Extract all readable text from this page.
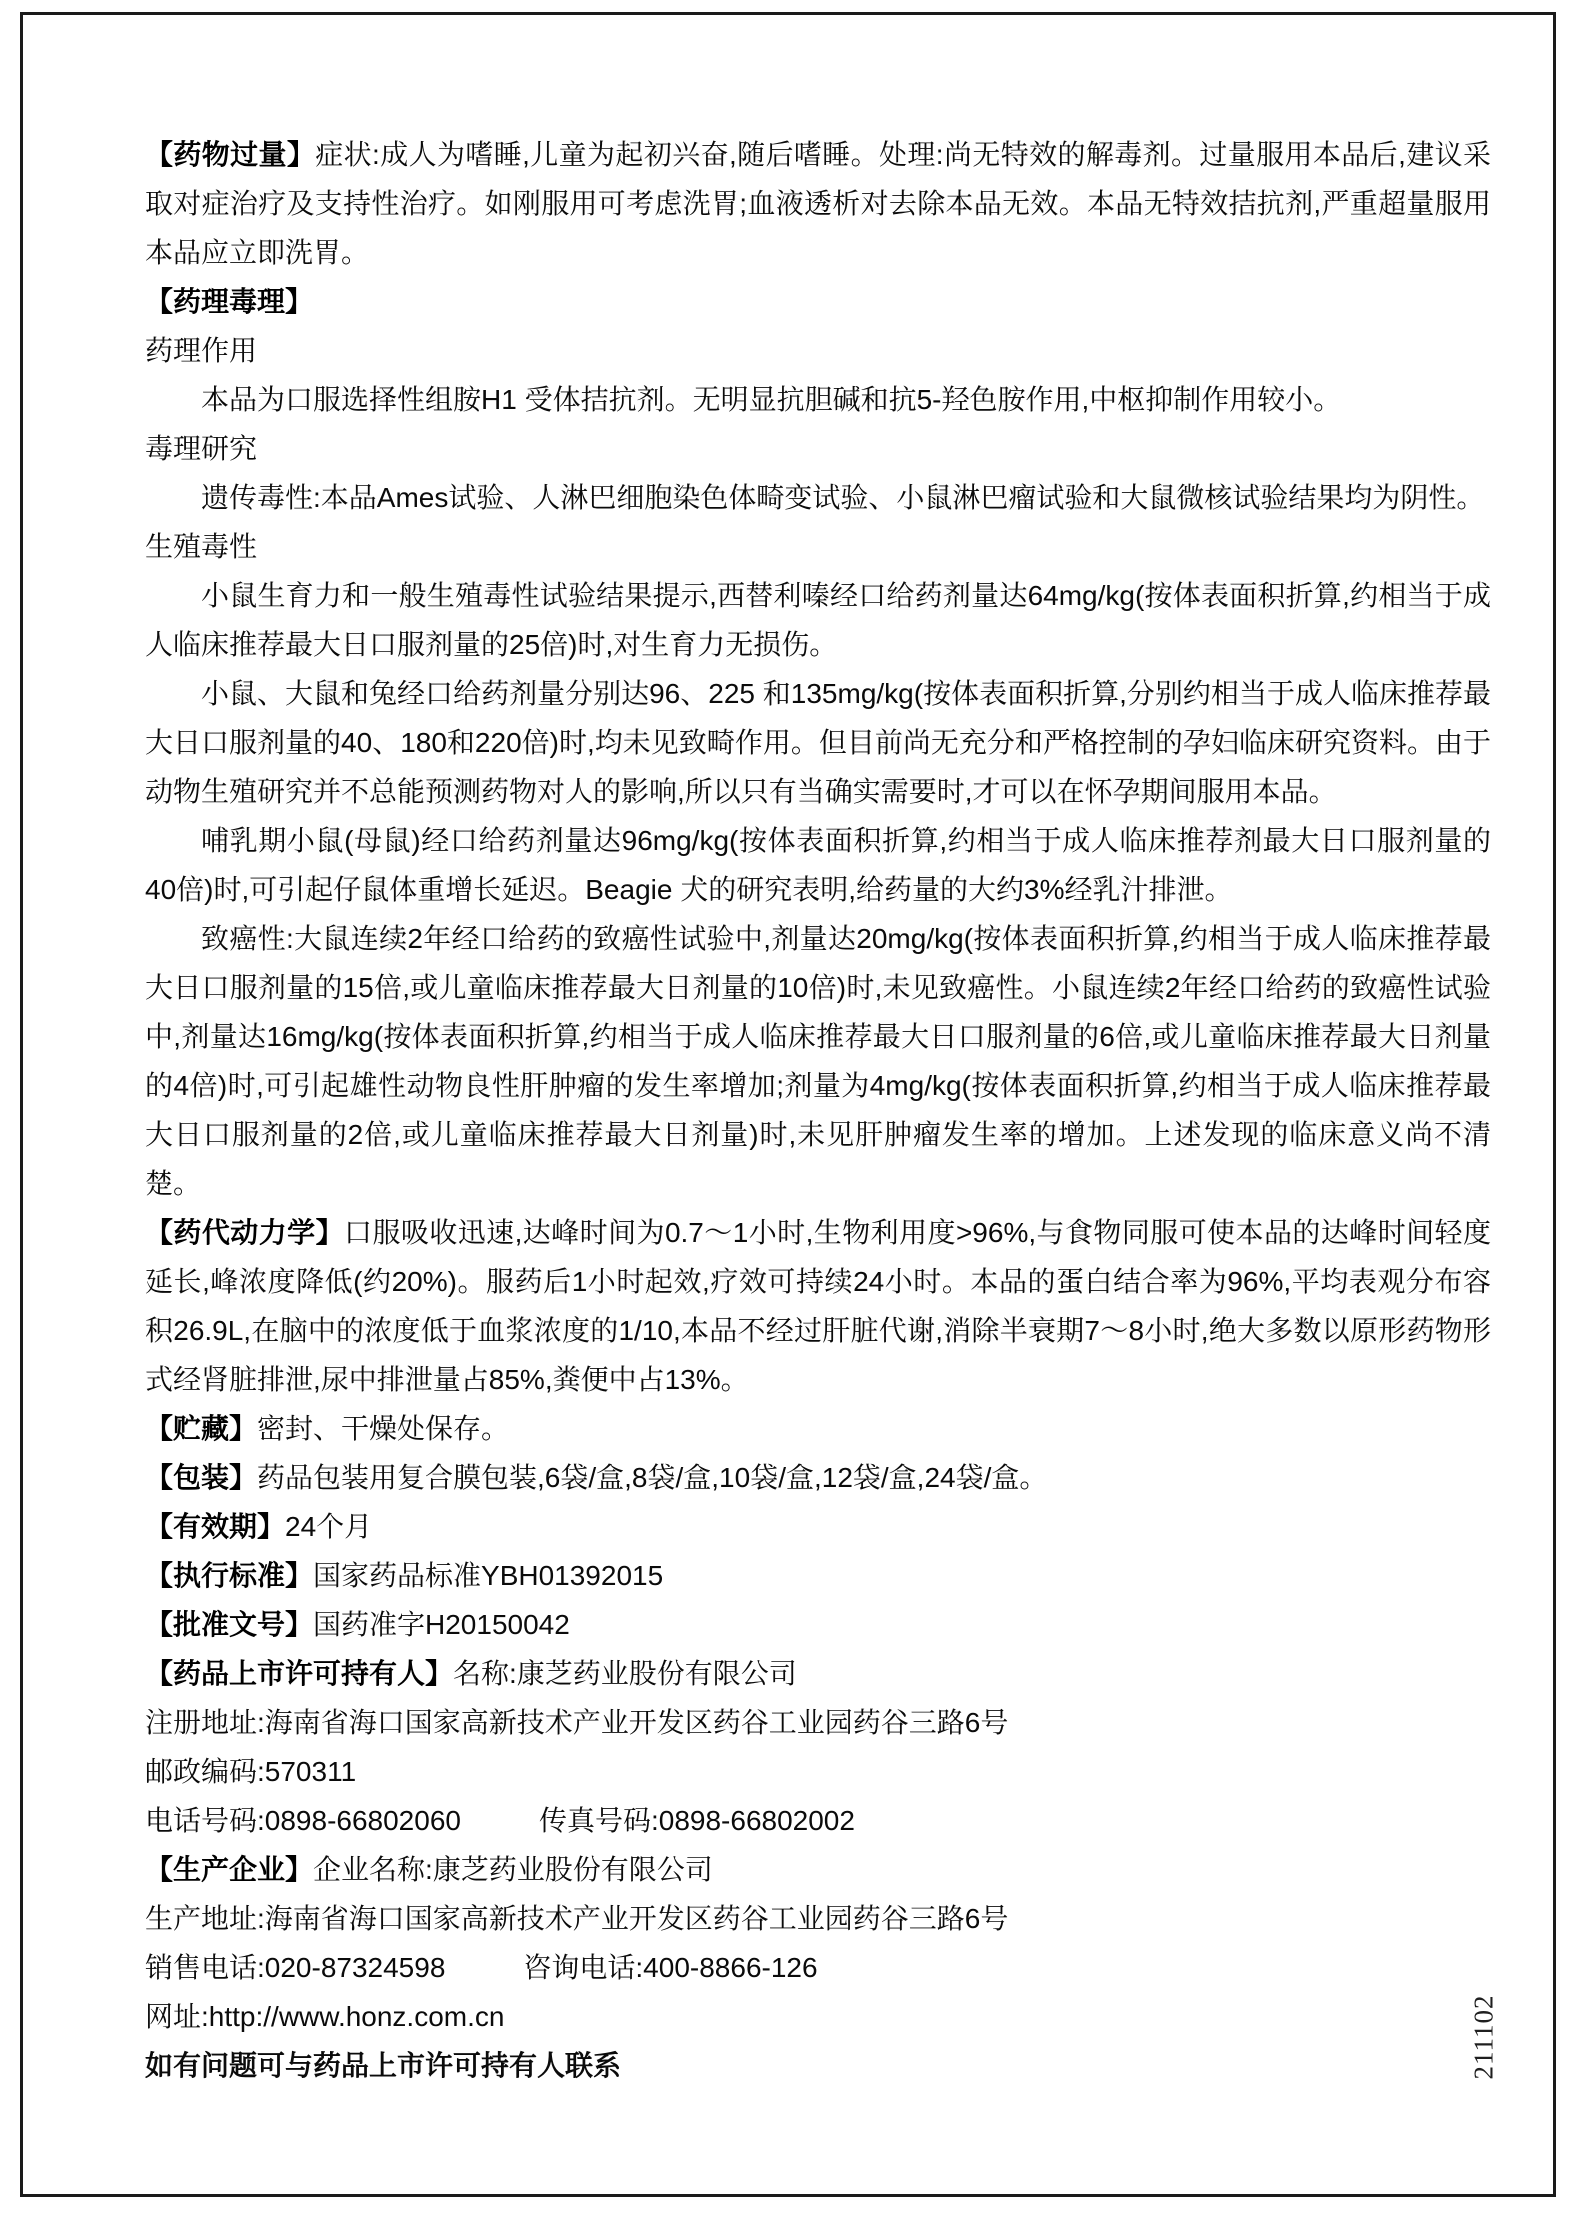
【药物过量】症状:成人为嗜睡,儿童为起初兴奋,随后嗜睡。处理:尚无特效的解毒剂。过量服用本品后,建议采取对症治疗及支持性治疗。如刚服用可考虑洗胃;血液透析对去除本品无效。本品无特效拮抗剂,严重超量服用本品应立即洗胃。

【药理毒理】

药理作用

本品为口服选择性组胺H1 受体拮抗剂。无明显抗胆碱和抗5-羟色胺作用,中枢抑制作用较小。

毒理研究

遗传毒性:本品Ames试验、人淋巴细胞染色体畸变试验、小鼠淋巴瘤试验和大鼠微核试验结果均为阴性。

生殖毒性

小鼠生育力和一般生殖毒性试验结果提示,西替利嗪经口给药剂量达64mg/kg(按体表面积折算,约相当于成人临床推荐最大日口服剂量的25倍)时,对生育力无损伤。

小鼠、大鼠和兔经口给药剂量分别达96、225 和135mg/kg(按体表面积折算,分别约相当于成人临床推荐最大日口服剂量的40、180和220倍)时,均未见致畸作用。但目前尚无充分和严格控制的孕妇临床研究资料。由于动物生殖研究并不总能预测药物对人的影响,所以只有当确实需要时,才可以在怀孕期间服用本品。

哺乳期小鼠(母鼠)经口给药剂量达96mg/kg(按体表面积折算,约相当于成人临床推荐剂最大日口服剂量的40倍)时,可引起仔鼠体重增长延迟。Beagie 犬的研究表明,给药量的大约3%经乳汁排泄。

致癌性:大鼠连续2年经口给药的致癌性试验中,剂量达20mg/kg(按体表面积折算,约相当于成人临床推荐最大日口服剂量的15倍,或儿童临床推荐最大日剂量的10倍)时,未见致癌性。小鼠连续2年经口给药的致癌性试验中,剂量达16mg/kg(按体表面积折算,约相当于成人临床推荐最大日口服剂量的6倍,或儿童临床推荐最大日剂量的4倍)时,可引起雄性动物良性肝肿瘤的发生率增加;剂量为4mg/kg(按体表面积折算,约相当于成人临床推荐最大日口服剂量的2倍,或儿童临床推荐最大日剂量)时,未见肝肿瘤发生率的增加。上述发现的临床意义尚不清楚。

【药代动力学】口服吸收迅速,达峰时间为0.7～1小时,生物利用度>96%,与食物同服可使本品的达峰时间轻度延长,峰浓度降低(约20%)。服药后1小时起效,疗效可持续24小时。本品的蛋白结合率为96%,平均表观分布容积26.9L,在脑中的浓度低于血浆浓度的1/10,本品不经过肝脏代谢,消除半衰期7～8小时,绝大多数以原形药物形式经肾脏排泄,尿中排泄量占85%,粪便中占13%。

【贮藏】密封、干燥处保存。

【包装】药品包装用复合膜包装,6袋/盒,8袋/盒,10袋/盒,12袋/盒,24袋/盒。

【有效期】24个月

【执行标准】国家药品标准YBH01392015

【批准文号】国药准字H20150042

【药品上市许可持有人】名称:康芝药业股份有限公司

注册地址:海南省海口国家高新技术产业开发区药谷工业园药谷三路6号

邮政编码:570311

电话号码:0898-66802060	传真号码:0898-66802002

【生产企业】企业名称:康芝药业股份有限公司

生产地址:海南省海口国家高新技术产业开发区药谷工业园药谷三路6号

销售电话:020-87324598	咨询电话:400-8866-126

网址:http://www.honz.com.cn

如有问题可与药品上市许可持有人联系	211102
